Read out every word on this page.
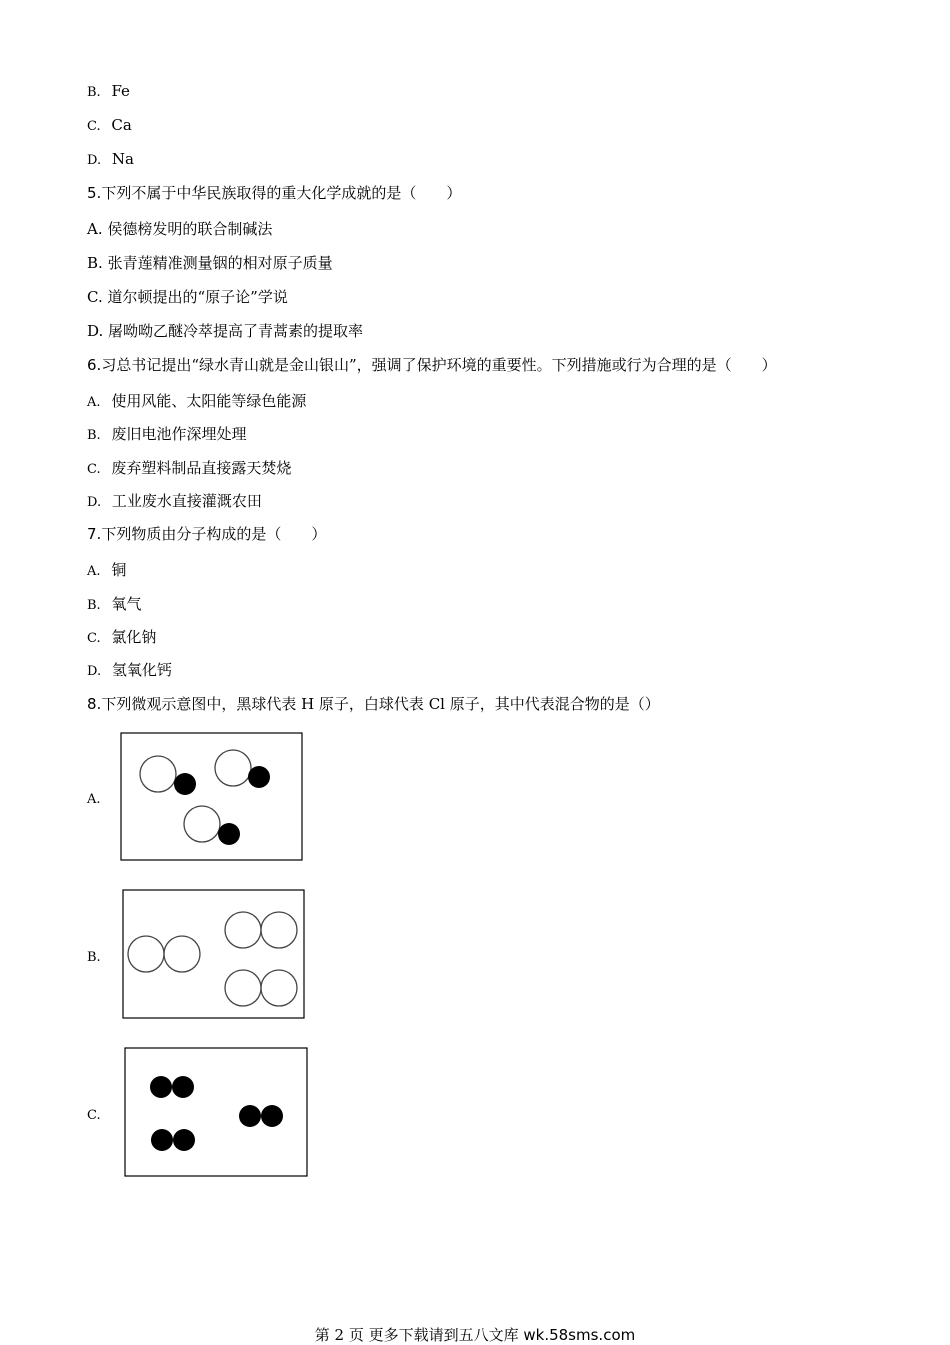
B. Fe
C. Ca
D. Na
5.下列不属于中华民族取得的重大化学成就的是（　　）
A. 侯德榜发明的联合制碱法
B. 张青莲精准测量铟的相对原子质量
C. 道尔顿提出的“原子论”学说
D. 屠呦呦乙醚冷萃提高了青蒿素的提取率
6.习总书记提出“绿水青山就是金山银山”，强调了保护环境的重要性。下列措施或行为合理的是（　　）
A. 使用风能、太阳能等绿色能源
B. 废旧电池作深埋处理
C. 废弃塑料制品直接露天焚烧
D. 工业废水直接灌溉农田
7.下列物质由分子构成的是（　　）
A. 铜
B. 氧气
C. 氯化钠
D. 氢氧化钙
8.下列微观示意图中，黑球代表 H 原子，白球代表 Cl 原子，其中代表混合物的是（）
A.
B.
C.
第 2 页 更多下载请到五八文库 wk.58sms.com
